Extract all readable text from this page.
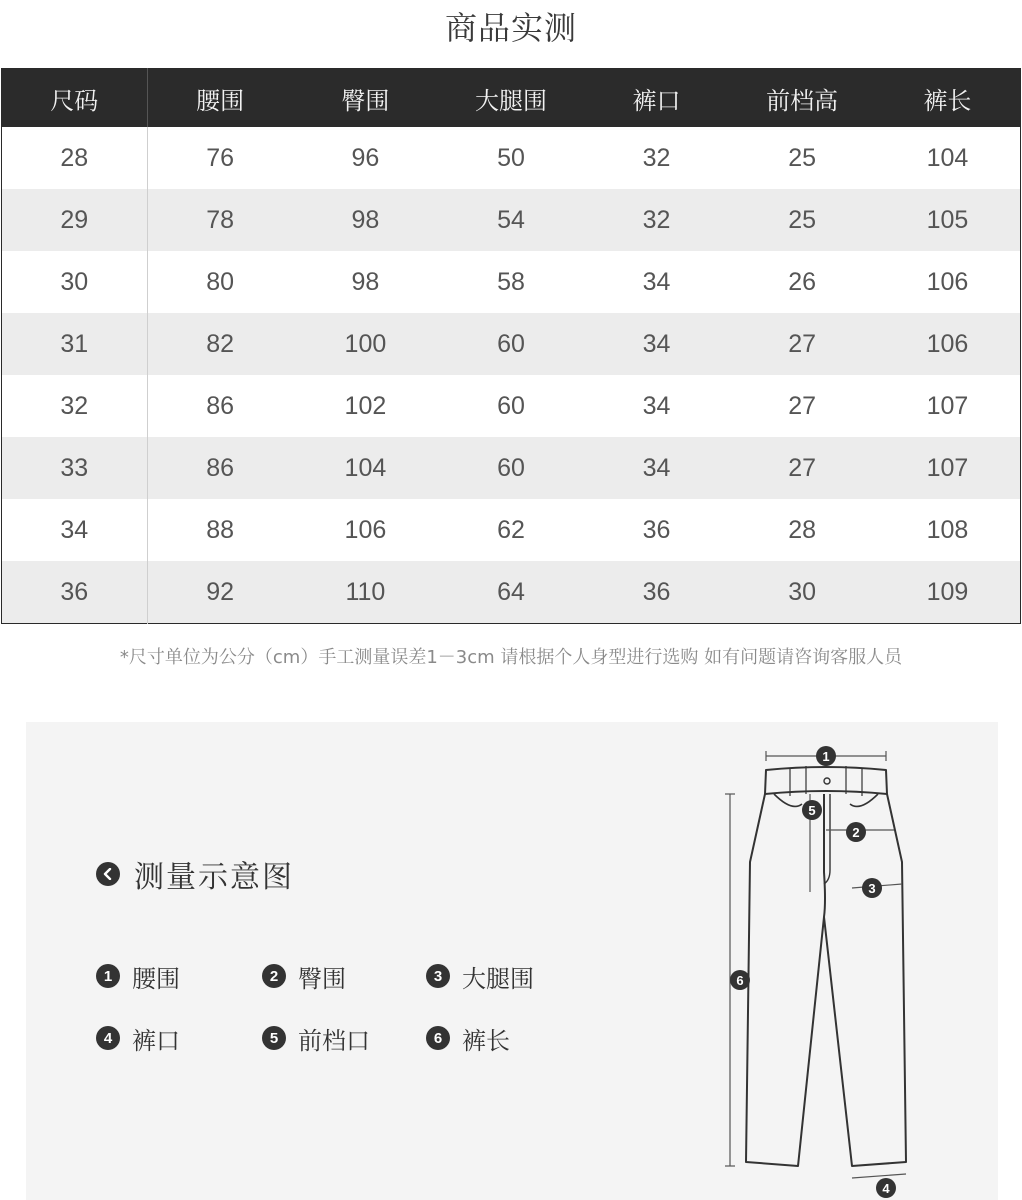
商品实测
尺码	腰围	臀围	大腿围	裤口	前档高	裤长
28	76	96	50	32	25	104
29	78	98	54	32	25	105
30	80	98	58	34	26	106
31	82	100	60	34	27	106
32	86	102	60	34	27	107
33	86	104	60	34	27	107
34	88	106	62	36	28	108
36	92	110	64	36	30	109
*尺寸单位为公分（cm）手工测量误差1－3cm 请根据个人身型进行选购 如有问题请咨询客服人员
测量示意图
1 腰围	2 臀围	3 大腿围
4 裤口	5 前档口	6 裤长
1
2
3
4
5
6
